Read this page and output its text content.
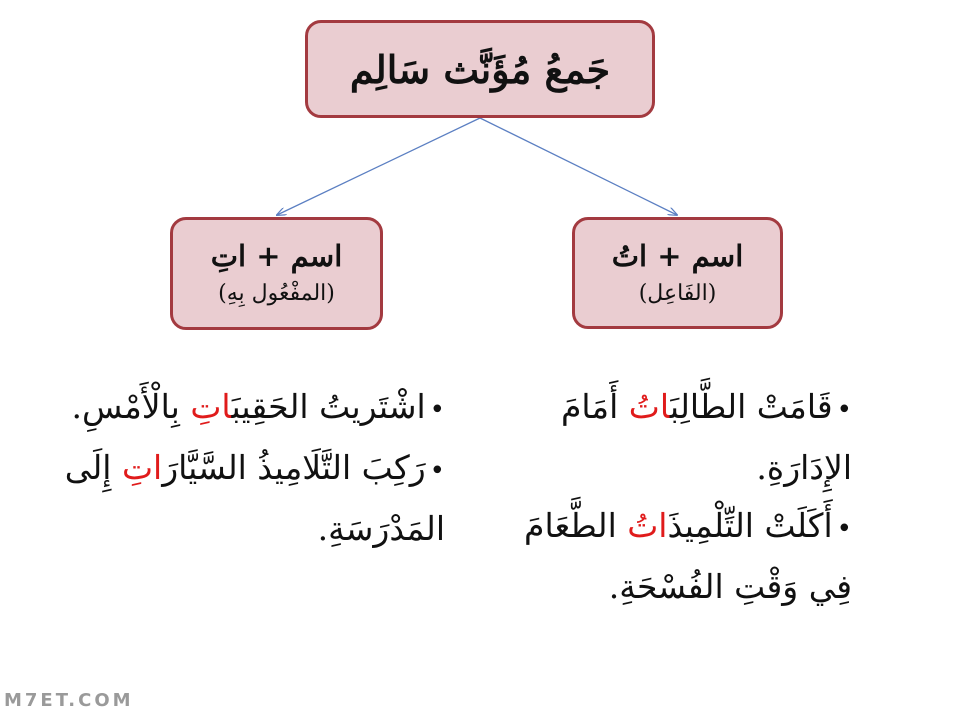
جَمعُ مُؤَنَّث سَالِم
اسم + اتِ
(المفْعُول بِهِ)
اسم + اتُ
(الفَاعِل)
•اشْتَريتُ الحَقِيبَاتِ بِالْأَمْسِ.
•رَكِبَ التَّلَامِيذُ السَّيَّارَاتِ إِلَى المَدْرَسَةِ.
•قَامَتْ الطَّالِبَاتُ أَمَامَ الإِدَارَةِ.
•أَكَلَتْ التِّلْمِيذَاتُ الطَّعَامَ فِي وَقْتِ الفُسْحَةِ.
M7ET.COM
